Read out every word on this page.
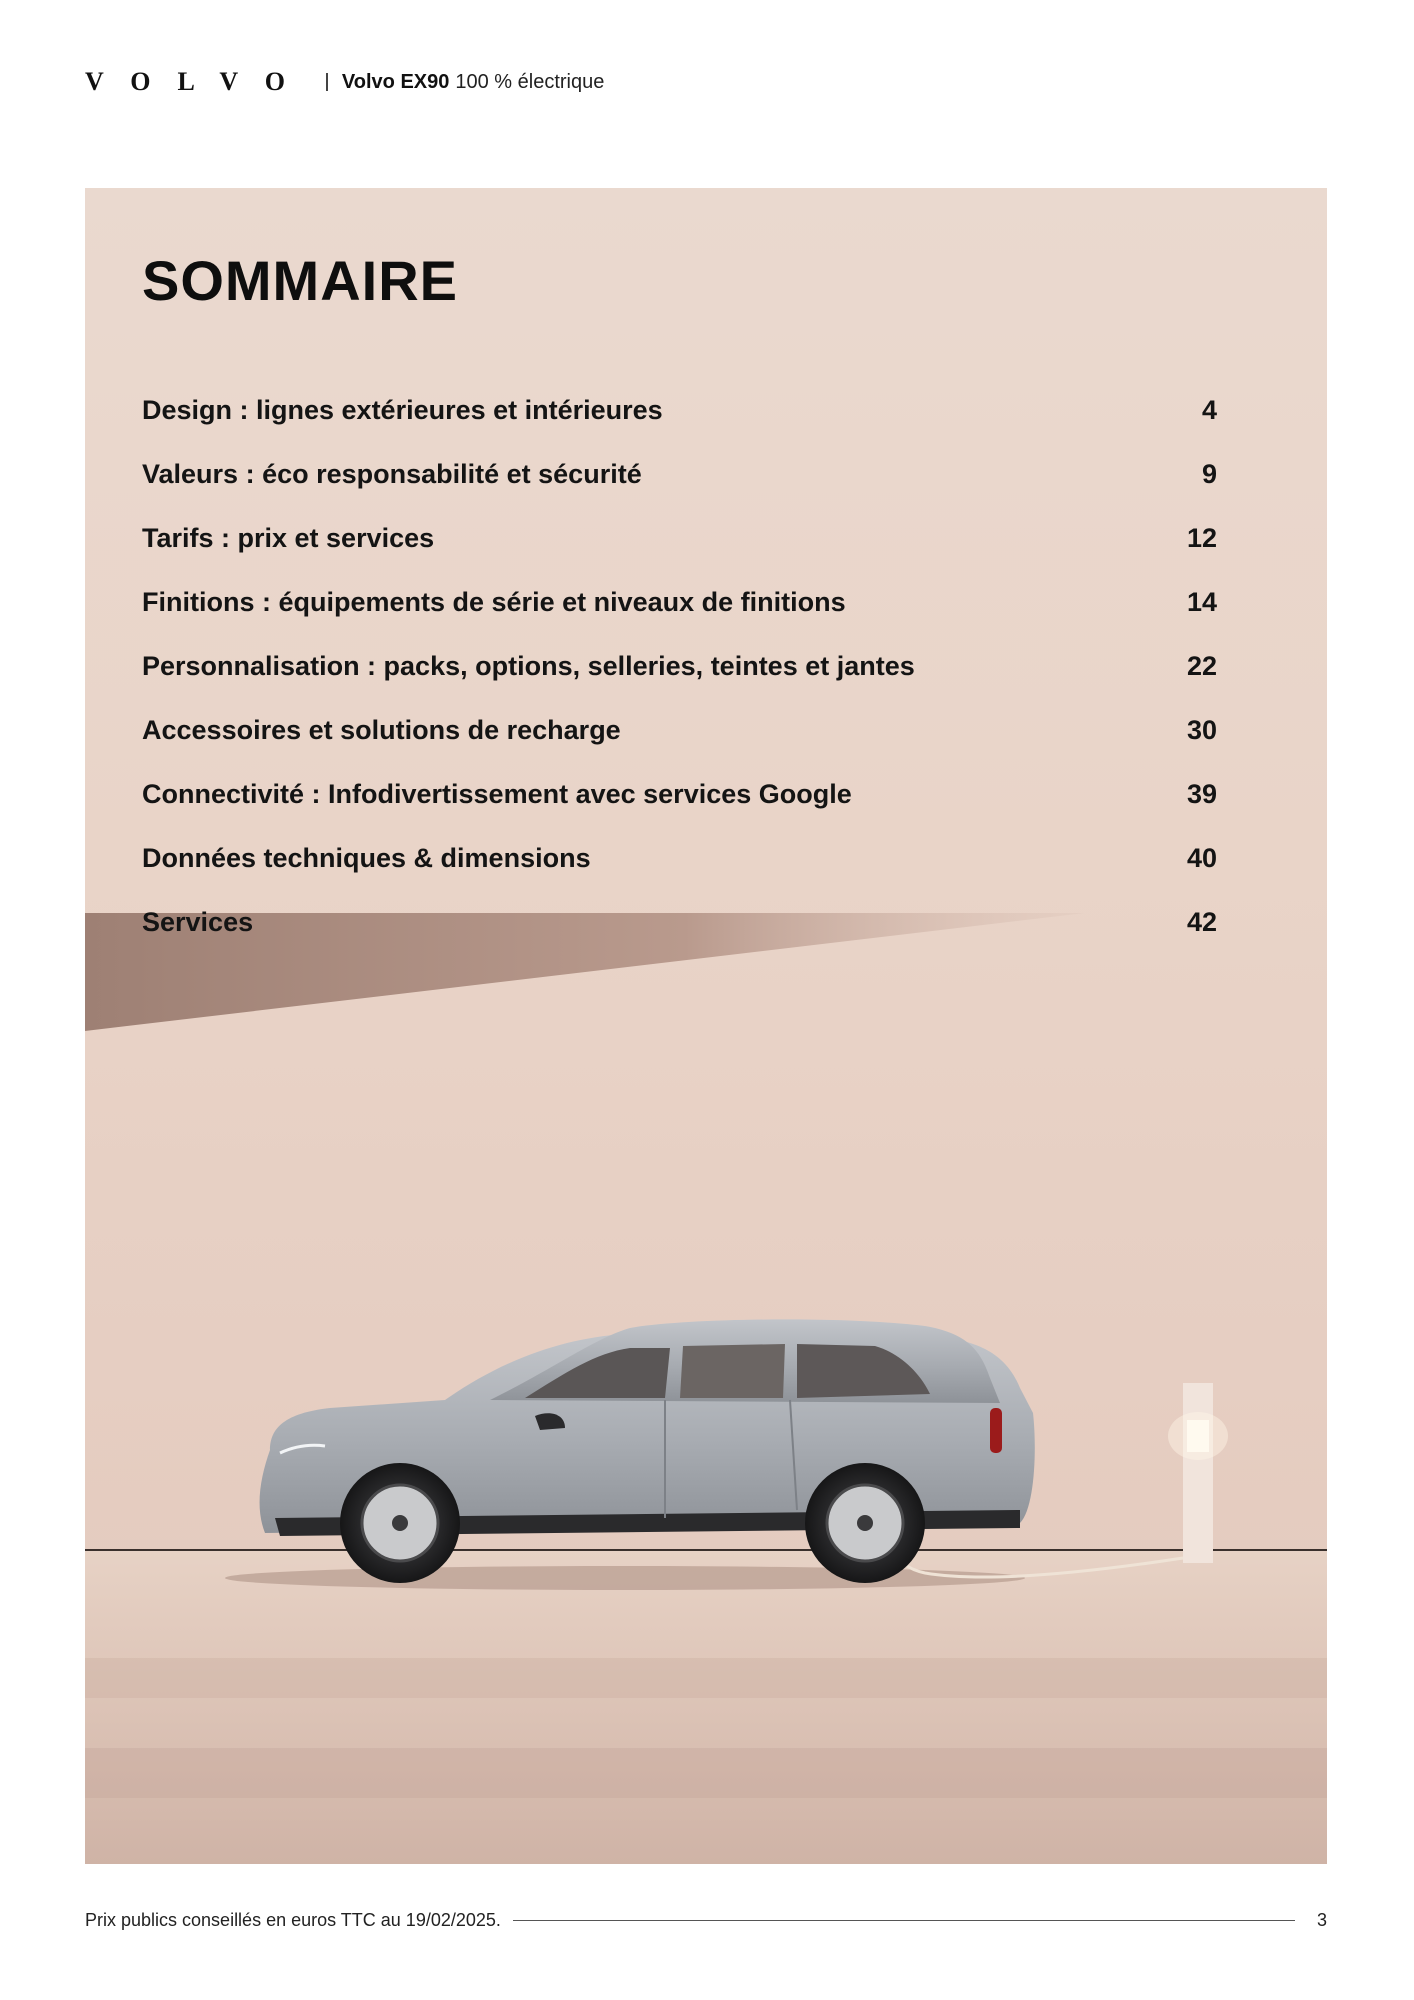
VOLVO Volvo EX90 100 % électrique
SOMMAIRE
Design : lignes extérieures et intérieures	4
Valeurs : éco responsabilité et sécurité	9
Tarifs : prix et services	12
Finitions : équipements de série et niveaux de finitions	14
Personnalisation : packs, options, selleries, teintes et jantes	22
Accessoires et solutions de recharge	30
Connectivité : Infodivertissement avec services Google	39
Données techniques & dimensions	40
Services	42
Prix publics conseillés en euros TTC au 19/02/2025.	3
